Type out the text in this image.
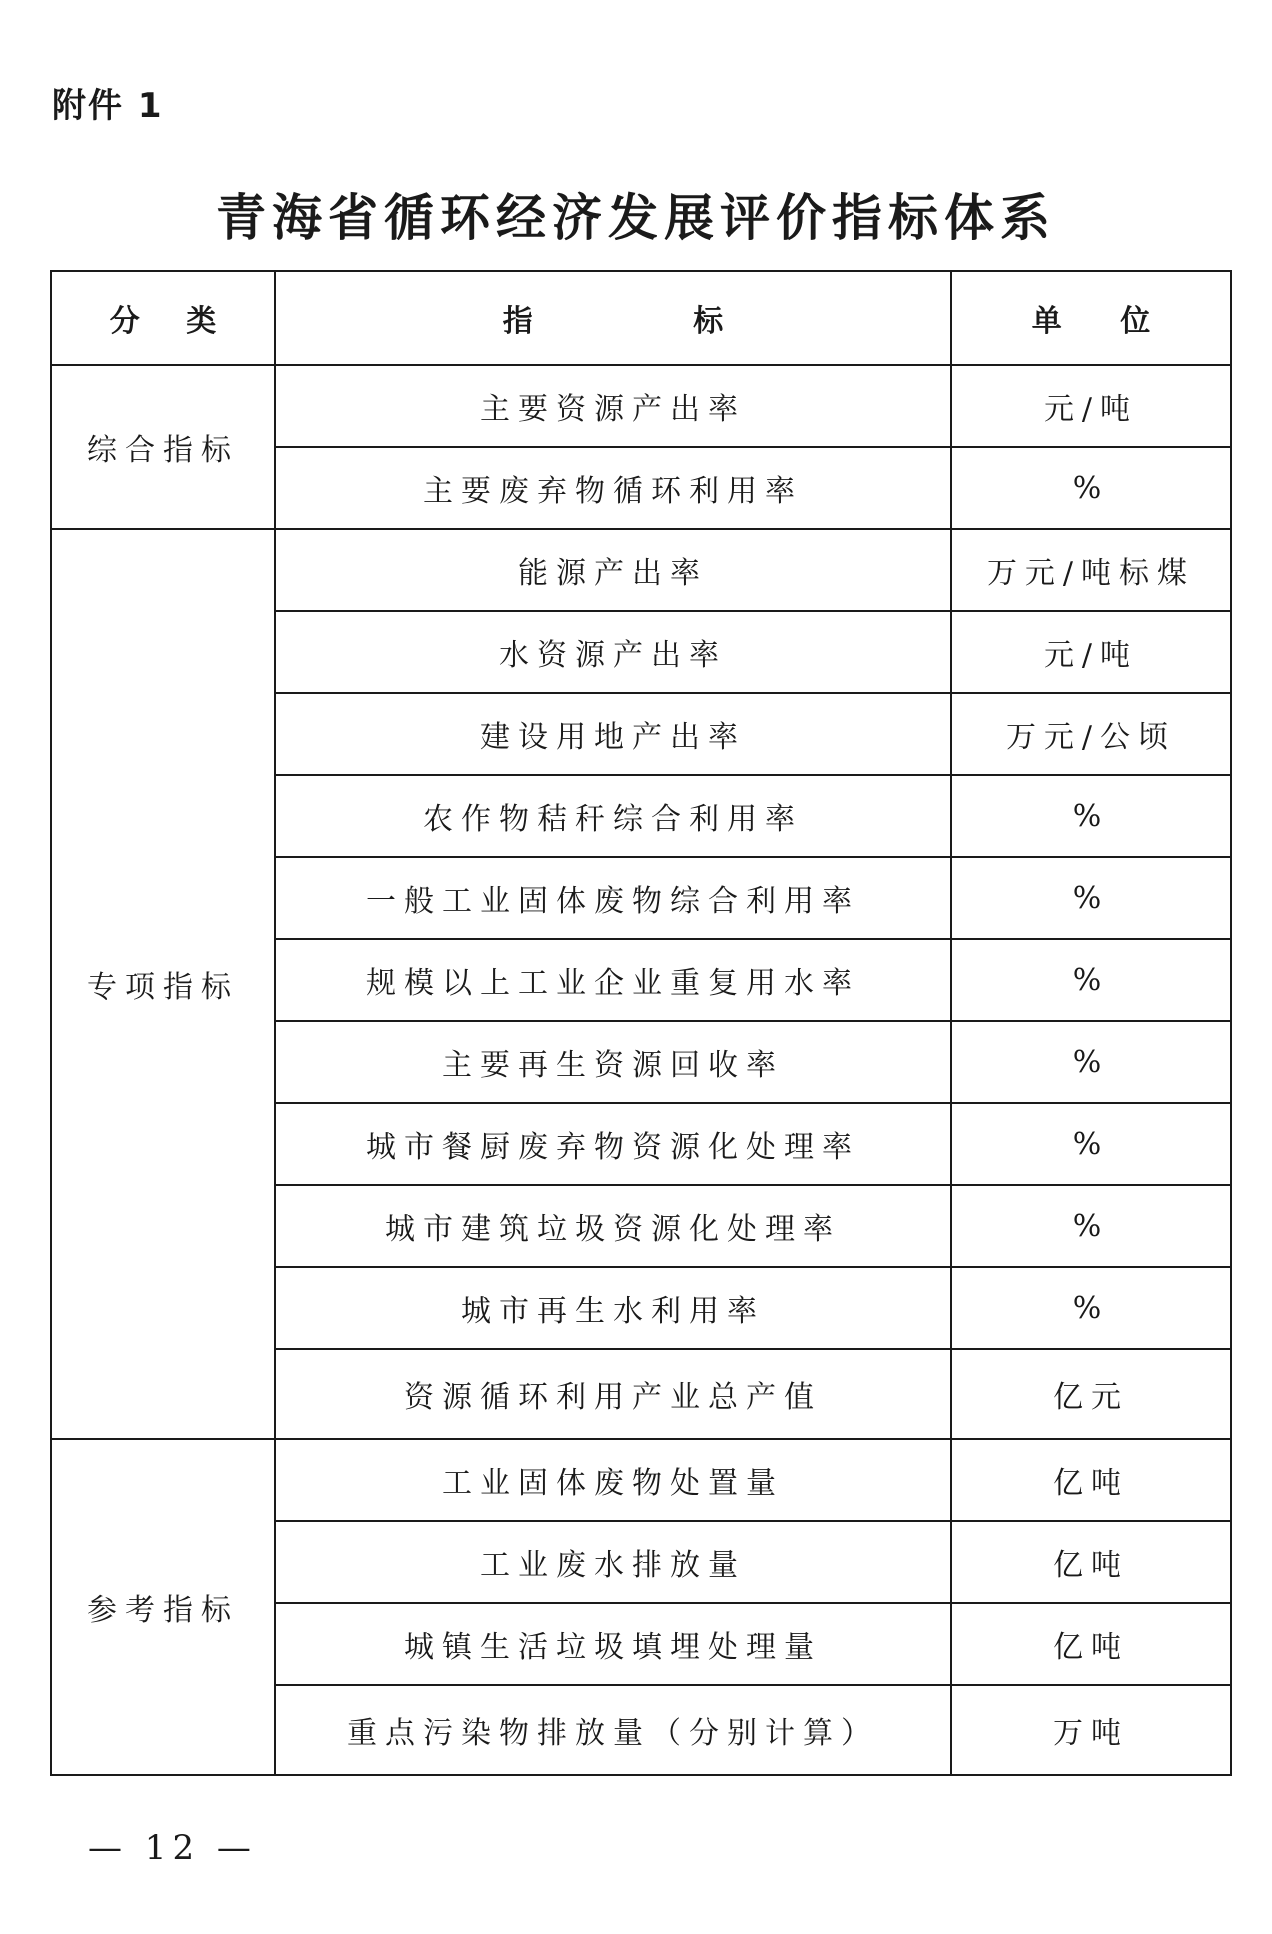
附件 1
青海省循环经济发展评价指标体系
分 类	指 标	单 位
综合指标	主要资源产出率	元/吨
	主要废弃物循环利用率	%
专项指标	能源产出率	万元/吨标煤
	水资源产出率	元/吨
	建设用地产出率	万元/公顷
	农作物秸秆综合利用率	%
	一般工业固体废物综合利用率	%
	规模以上工业企业重复用水率	%
	主要再生资源回收率	%
	城市餐厨废弃物资源化处理率	%
	城市建筑垃圾资源化处理率	%
	城市再生水利用率	%
	资源循环利用产业总产值	亿元
参考指标	工业固体废物处置量	亿吨
	工业废水排放量	亿吨
	城镇生活垃圾填埋处理量	亿吨
	重点污染物排放量（分别计算）	万吨
— 12 —
